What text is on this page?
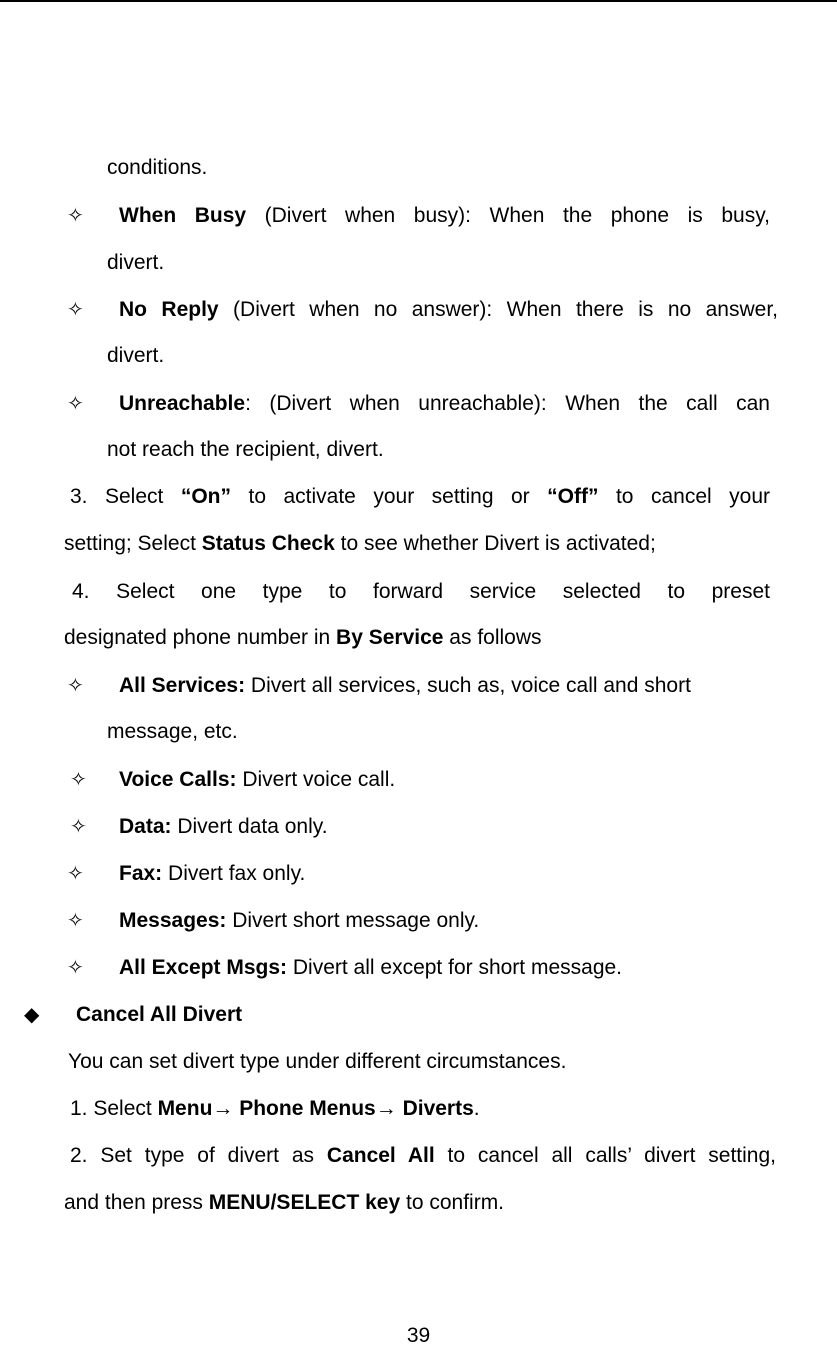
conditions.
✧ When Busy (Divert when busy): When the phone is busy,
divert.
✧ No Reply (Divert when no answer): When there is no answer,
divert.
✧ Unreachable: (Divert when unreachable): When the call can
not reach the recipient, divert.
3. Select “On” to activate your setting or “Off” to cancel your
setting; Select Status Check to see whether Divert is activated;
4. Select one type to forward service selected to preset
designated phone number in By Service as follows
✧ All Services: Divert all services, such as, voice call and short
message, etc.
✧ Voice Calls: Divert voice call.
✧ Data: Divert data only.
✧ Fax: Divert fax only.
✧ Messages: Divert short message only.
✧ All Except Msgs: Divert all except for short message.
◆ Cancel All Divert
You can set divert type under different circumstances.
1. Select Menu→ Phone Menus→ Diverts.
2. Set type of divert as Cancel All to cancel all calls’ divert setting,
and then press MENU/SELECT key to confirm.
39
